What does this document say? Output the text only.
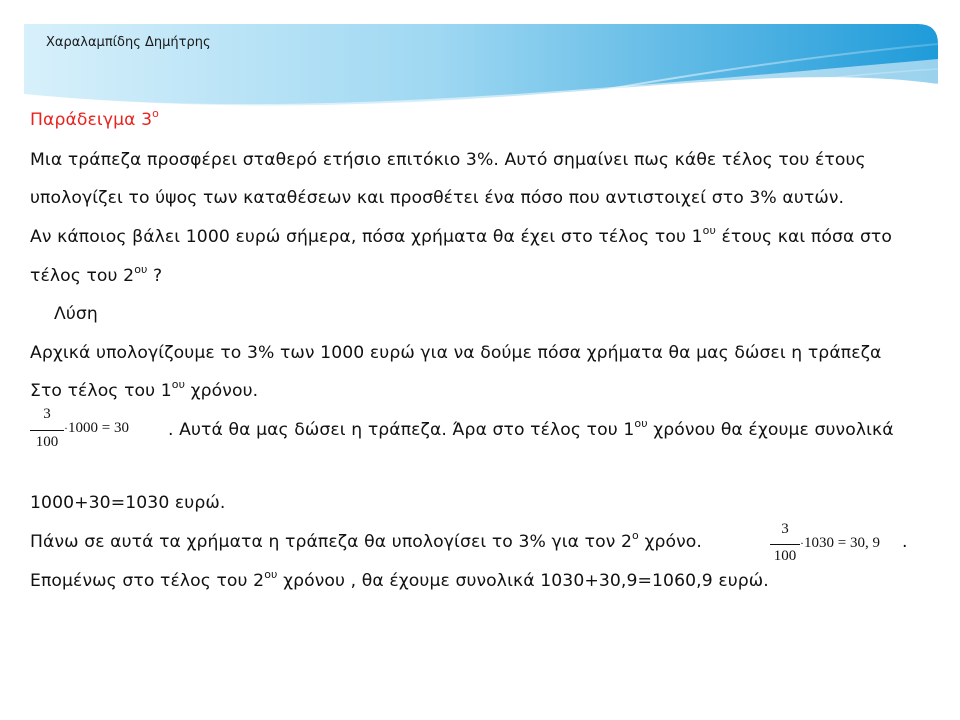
Χαραλαμπίδης Δημήτρης
Παράδειγμα $3^o$
Μια τράπεζα προσφέρει σταθερό ετήσιο επιτόκιο 3%. Αυτό σημαίνει πως κάθε τέλος του έτους
υπολογίζει το ύψος των καταθέσεων και προσθέτει ένα πόσο που αντιστοιχεί στο 3% αυτών.
Αν κάποιος βάλει 1000 ευρώ σήμερα, πόσα χρήματα θα έχει στο τέλος του $1^{o\upsilon}$ έτους και πόσα στο
τέλος του $2^{o\upsilon}$ ?
Λύση
Αρχικά υπολογίζουμε το 3% των 1000 ευρώ για να δούμε πόσα χρήματα θα μας δώσει η τράπεζα
Στο τέλος του $1^{o\upsilon}$ χρόνου.
3
100
·1000 = 30 . Αυτά θα μας δώσει η τράπεζα. Άρα στο τέλος του $1^{o\upsilon}$ χρόνου θα έχουμε συνολικά
1000+30=1030 ευρώ.
Πάνω σε αυτά τα χρήματα η τράπεζα θα υπολογίσει το 3% για τον $2^o$ χρόνο.
3
100
·1030 = 30, 9 .
Επομένως στο τέλος του $2^{o\upsilon}$ χρόνου , θα έχουμε συνολικά 1030+30,9=1060,9 ευρώ.
